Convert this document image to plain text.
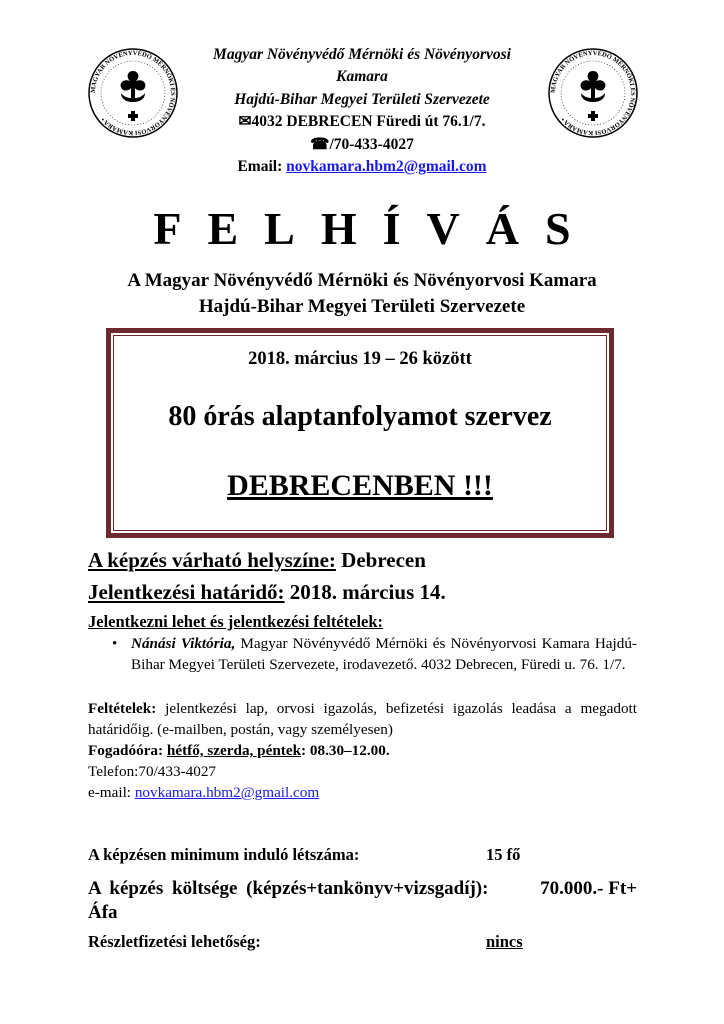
MAGYAR NÖVÉNYVÉDŐ MÉRNÖKI ÉS NÖVÉNYORVOSI KAMARA •
MAGYAR NÖVÉNYVÉDŐ MÉRNÖKI ÉS NÖVÉNYORVOSI KAMARA •
Magyar Növényvédő Mérnöki és Növényorvosi
Kamara
Hajdú-Bihar Megyei Területi Szervezete
✉4032 DEBRECEN Füredi út 76.1/7.
☎/70-433-4027
Email: novkamara.hbm2@gmail.com
FELHÍVÁS
A Magyar Növényvédő Mérnöki és Növényorvosi Kamara
Hajdú-Bihar Megyei Területi Szervezete
2018. március 19 – 26 között
80 órás alaptanfolyamot szervez
DEBRECENBEN !!!
A képzés várható helyszíne: Debrecen
Jelentkezési határidő: 2018. március 14.
Jelentkezni lehet és jelentkezési feltételek:
• Nánási Viktória, Magyar Növényvédő Mérnöki és Növényorvosi Kamara Hajdú-Bihar Megyei Területi Szervezete, irodavezető. 4032 Debrecen, Füredi u. 76. 1/7.
Feltételek: jelentkezési lap, orvosi igazolás, befizetési igazolás leadása a megadott határidőig. (e-mailben, postán, vagy személyesen)
Fogadóóra: hétfő, szerda, péntek: 08.30–12.00.
Telefon:70/433-4027
e-mail: novkamara.hbm2@gmail.com
A képzésen minimum induló létszáma:	15 fő
A képzés költsége (képzés+tankönyv+vizsgadíj):	70.000.- Ft+
Áfa
Részletfizetési lehetőség:	nincs
